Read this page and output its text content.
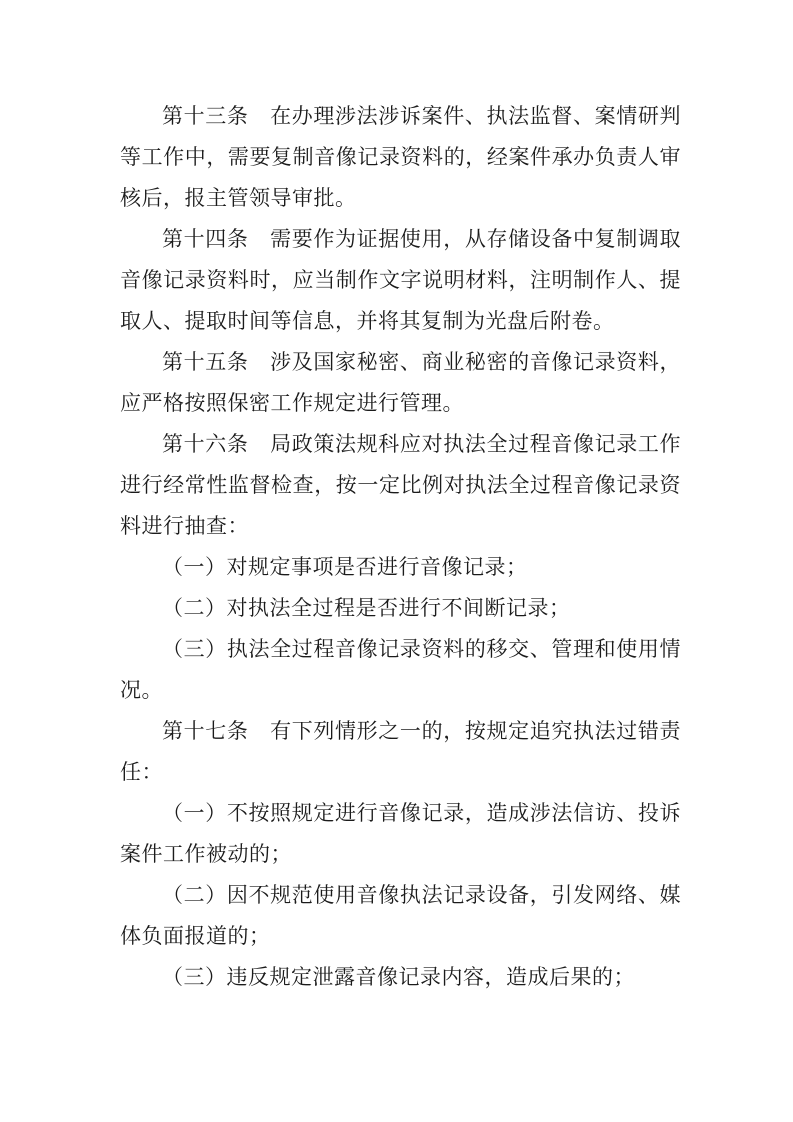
第十三条　在办理涉法涉诉案件、执法监督、案情研判等工作中，需要复制音像记录资料的，经案件承办负责人审核后，报主管领导审批。

第十四条　需要作为证据使用，从存储设备中复制调取音像记录资料时，应当制作文字说明材料，注明制作人、提取人、提取时间等信息，并将其复制为光盘后附卷。

第十五条　涉及国家秘密、商业秘密的音像记录资料，应严格按照保密工作规定进行管理。

第十六条　局政策法规科应对执法全过程音像记录工作进行经常性监督检查，按一定比例对执法全过程音像记录资料进行抽查：

（一）对规定事项是否进行音像记录；

（二）对执法全过程是否进行不间断记录；

（三）执法全过程音像记录资料的移交、管理和使用情况。

第十七条　有下列情形之一的，按规定追究执法过错责任：

（一）不按照规定进行音像记录，造成涉法信访、投诉案件工作被动的；

（二）因不规范使用音像执法记录设备，引发网络、媒体负面报道的；

（三）违反规定泄露音像记录内容，造成后果的；
